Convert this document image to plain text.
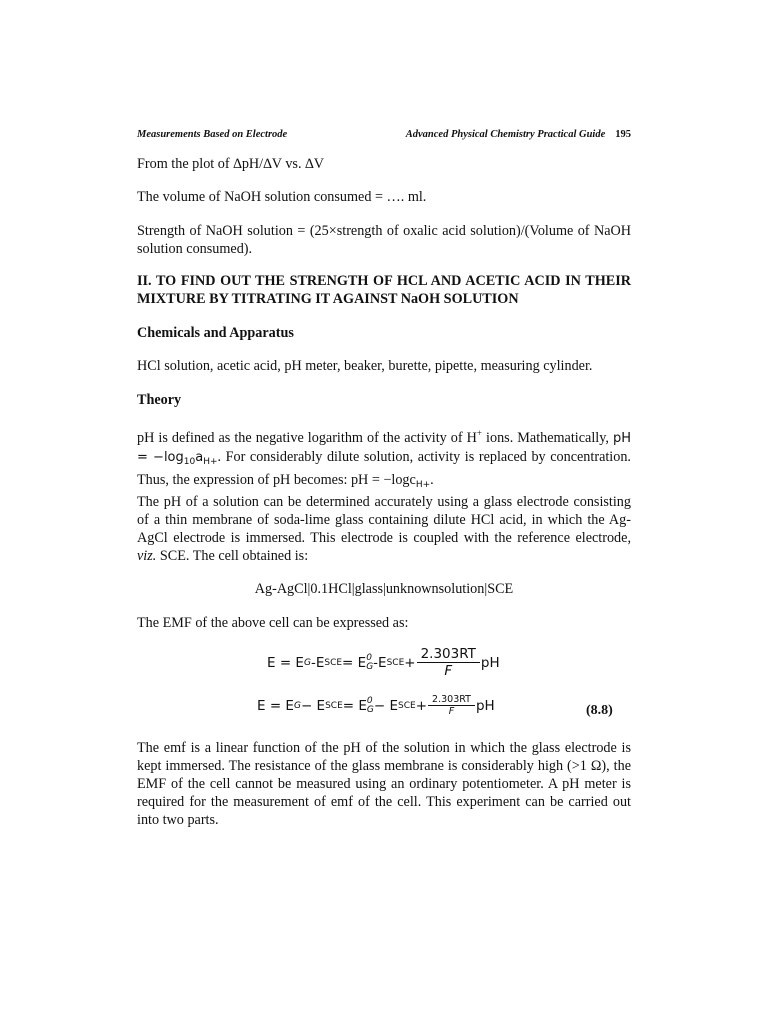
Measurements Based on Electrode	Advanced Physical Chemistry Practical Guide 195

From the plot of ∆pH/∆V vs. ∆V

The volume of NaOH solution consumed = …. ml.

Strength of NaOH solution = (25×strength of oxalic acid solution)/(Volume of NaOH solution consumed).

II. TO FIND OUT THE STRENGTH OF HCL AND ACETIC ACID IN THEIR MIXTURE BY TITRATING IT AGAINST NaOH SOLUTION

Chemicals and Apparatus

HCl solution, acetic acid, pH meter, beaker, burette, pipette, measuring cylinder.

Theory

pH is defined as the negative logarithm of the activity of H+ ions. Mathematically, pH = $-\log_{10}a_{H+}$. For considerably dilute solution, activity is replaced by concentration. Thus, the expression of pH becomes: pH = −logc$_{H+}$.

The pH of a solution can be determined accurately using a glass electrode consisting of a thin membrane of soda-lime glass containing dilute HCl acid, in which the Ag-AgCl electrode is immersed. This electrode is coupled with the reference electrode, viz. SCE. The cell obtained is:

Ag-AgCl|0.1HCl|glass|unknownsolution|SCE

The EMF of the above cell can be expressed as:

E = E G -E SCE = E 0
G -E SCE + $\frac{2.303RT}{F}$ pH
E = E G − E SCE = E 0
G − E SCE + $\frac{2.303RT}{F}$ pH	(8.8)

The emf is a linear function of the pH of the solution in which the glass electrode is kept immersed. The resistance of the glass membrane is considerably high (>1 Ω), the EMF of the cell cannot be measured using an ordinary potentiometer. A pH meter is required for the measurement of emf of the cell. This experiment can be carried out into two parts.
